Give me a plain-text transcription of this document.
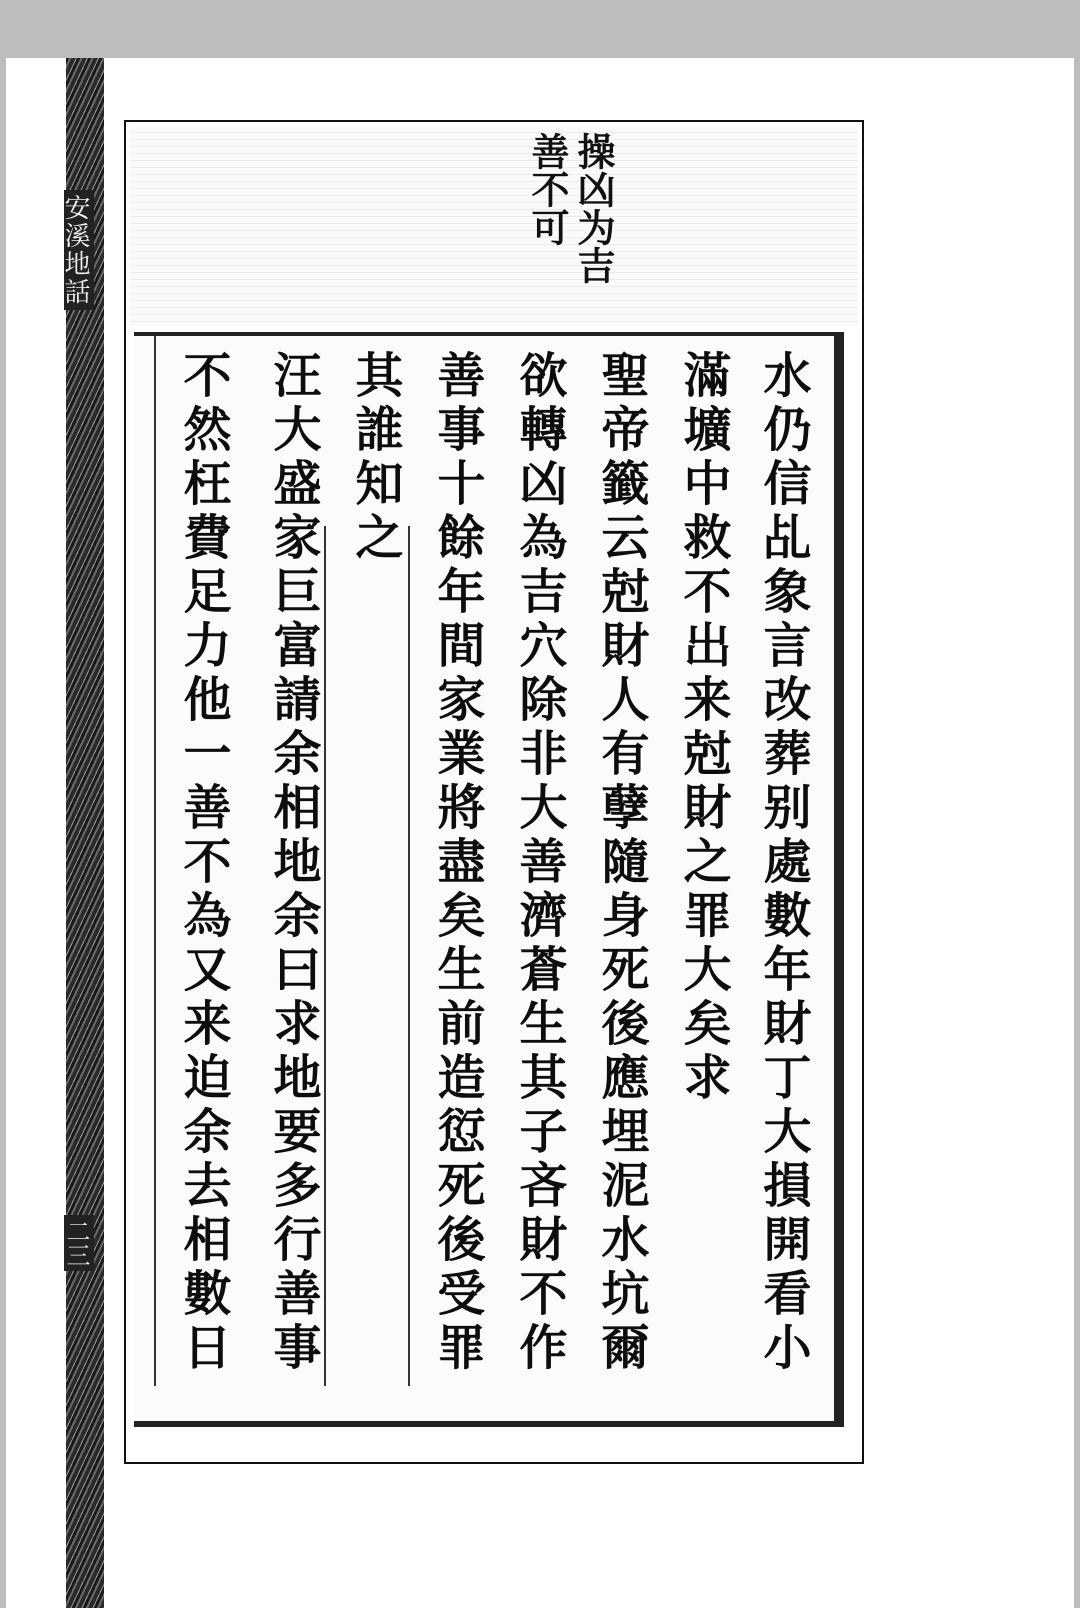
安溪地話
二三
操凶为吉 善不可
水仍信乩象言改葬别處數年財丁大損開看小
滿壙中救不出来尅財之罪大矣求
聖帝籤云尅財人有孽隨身死後應埋泥水坑爾
欲轉凶為吉穴除非大善濟蒼生其子吝財不作
善事十餘年間家業將盡矣生前造愆死後受罪
其誰知之
汪大盛家巨富請余相地余曰求地要多行善事
不然枉費足力他一善不為又来迫余去相數日
